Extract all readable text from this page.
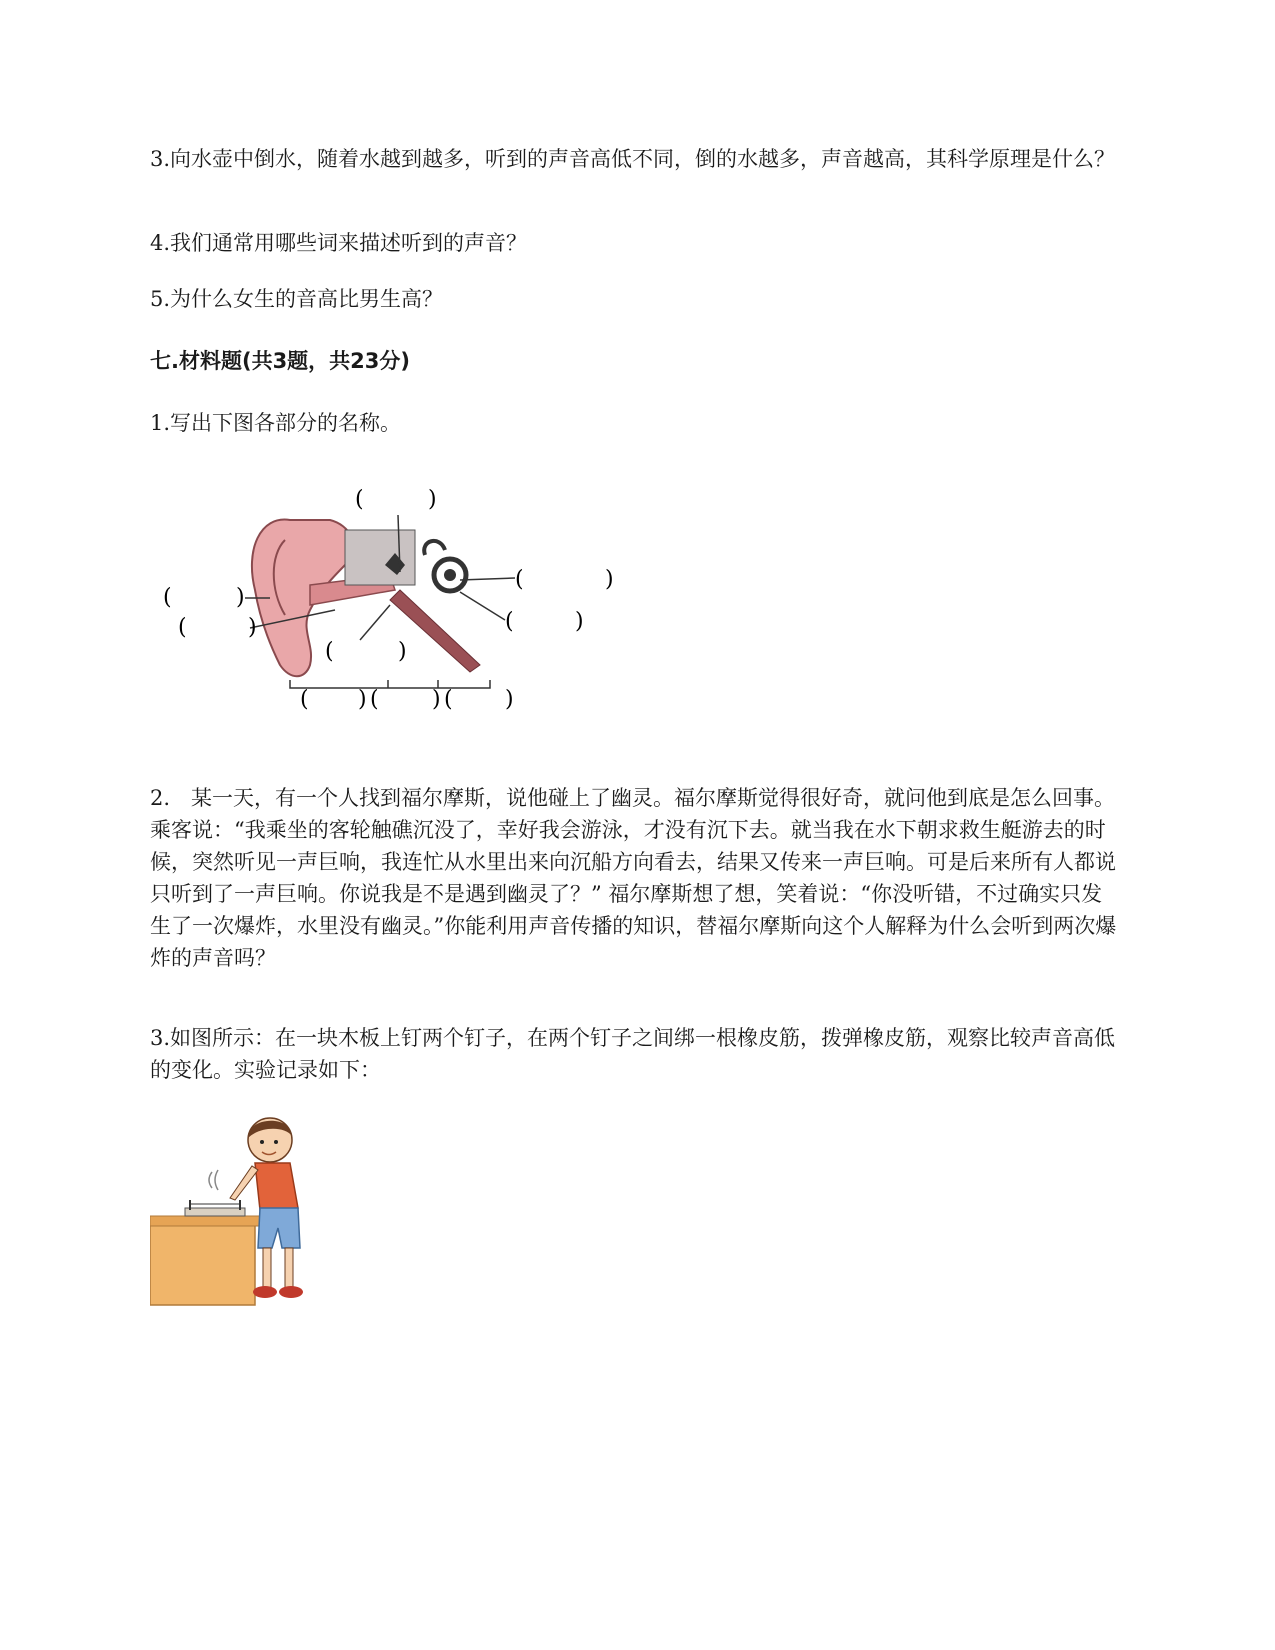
3.向水壶中倒水，随着水越到越多，听到的声音高低不同，倒的水越多，声音越高，其科学原理是什么？

4.我们通常用哪些词来描述听到的声音？

5.为什么女生的音高比男生高？

七.材料题(共3题，共23分)

1.写出下图各部分的名称。

(	)
(	)
(	)
(	)
(	)
(	)
( ) ( ) ( )

2.　某一天，有一个人找到福尔摩斯，说他碰上了幽灵。福尔摩斯觉得很好奇，就问他到底是怎么回事。乘客说：“我乘坐的客轮触礁沉没了，幸好我会游泳，才没有沉下去。就当我在水下朝求救生艇游去的时候，突然听见一声巨响，我连忙从水里出来向沉船方向看去，结果又传来一声巨响。可是后来所有人都说只听到了一声巨响。你说我是不是遇到幽灵了？” 福尔摩斯想了想，笑着说：“你没听错，不过确实只发生了一次爆炸，水里没有幽灵。”你能利用声音传播的知识，替福尔摩斯向这个人解释为什么会听到两次爆炸的声音吗？

3.如图所示：在一块木板上钉两个钉子，在两个钉子之间绑一根橡皮筋，拨弹橡皮筋，观察比较声音高低的变化。实验记录如下：
